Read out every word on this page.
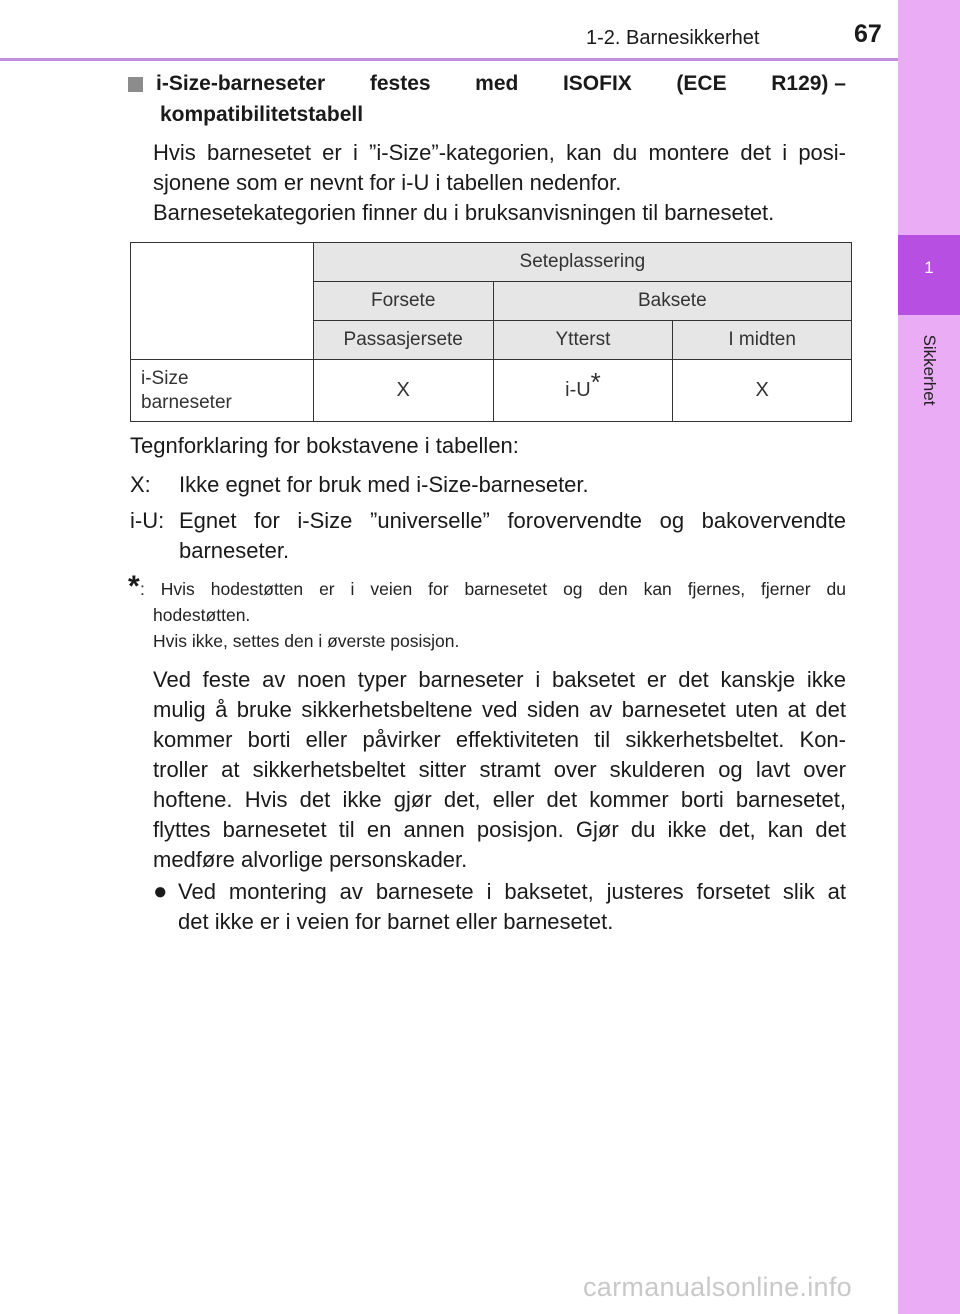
1
Sikkerhet
1-2. Barnesikkerhet	67
i-Size-barneseter festes med ISOFIX (ECE R129) –
kompatibilitetstabell
Hvis barnesetet er i ”i-Size”-kategorien, kan du montere det i posi-
sjonene som er nevnt for i-U i tabellen nedenfor.
Barnesetekategorien finner du i bruksanvisningen til barnesetet.
	Seteplassering		
	Forsete	Baksete	
	Passasjersete	Ytterst	I midten
i-Size
barneseter	X	i-U*	X
Tegnforklaring for bokstavene i tabellen:
X: Ikke egnet for bruk med i-Size-barneseter.
i-U: Egnet for i-Size ”universelle” forovervendte og bakovervendte
barneseter.
* : Hvis hodestøtten er i veien for barnesetet og den kan fjernes, fjerner du
hodestøtten.
Hvis ikke, settes den i øverste posisjon.
Ved feste av noen typer barneseter i baksetet er det kanskje ikke
mulig å bruke sikkerhetsbeltene ved siden av barnesetet uten at det
kommer borti eller påvirker effektiviteten til sikkerhetsbeltet. Kon-
troller at sikkerhetsbeltet sitter stramt over skulderen og lavt over
hoftene. Hvis det ikke gjør det, eller det kommer borti barnesetet,
flyttes barnesetet til en annen posisjon. Gjør du ikke det, kan det
medføre alvorlige personskader.
● Ved montering av barnesete i baksetet, justeres forsetet slik at
det ikke er i veien for barnet eller barnesetet.
carmanualsonline.info
